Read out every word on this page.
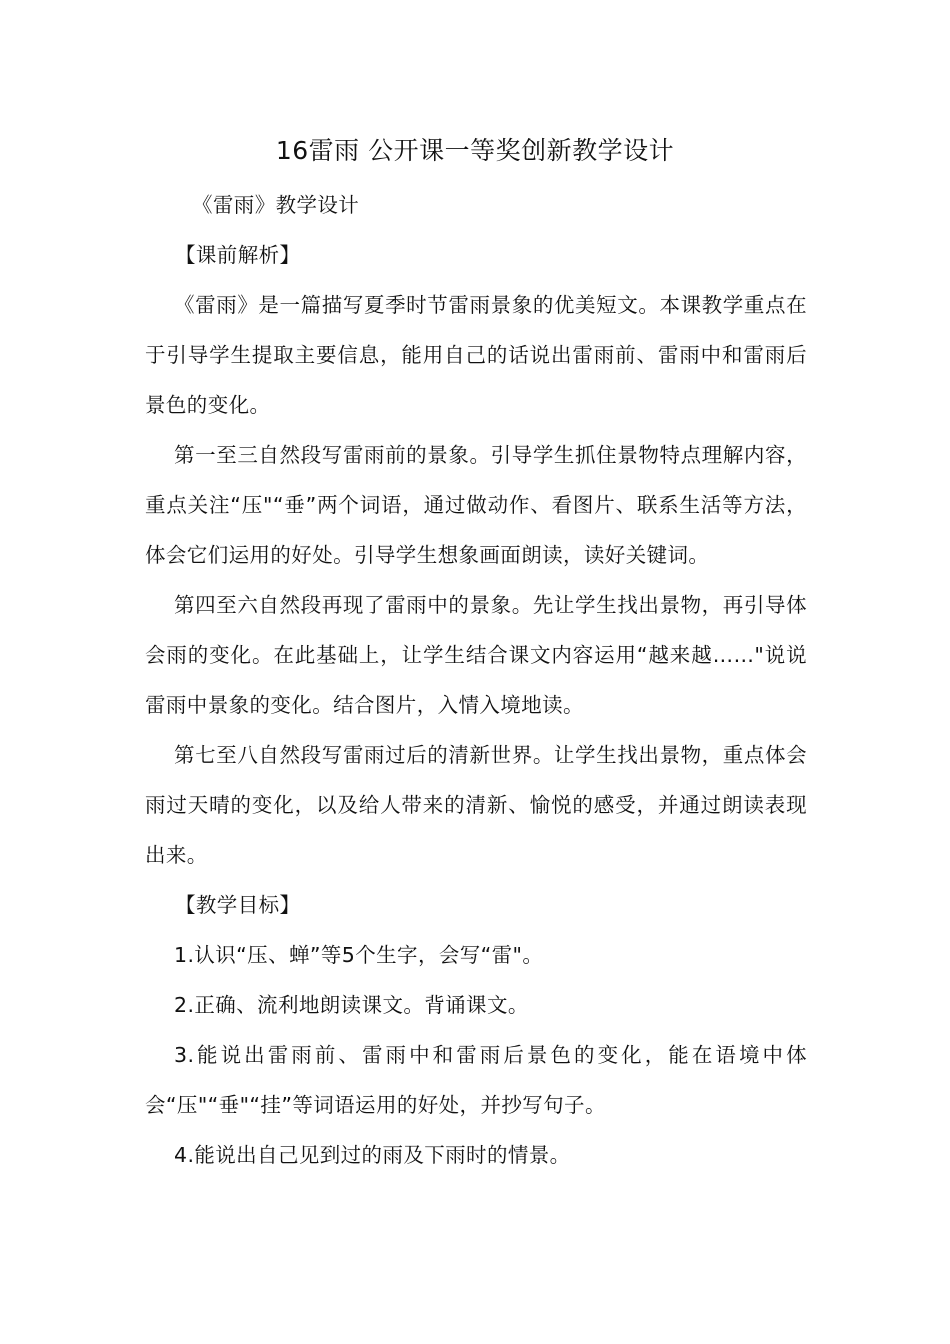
16雷雨 公开课一等奖创新教学设计

《雷雨》教学设计

【课前解析】

《雷雨》是一篇描写夏季时节雷雨景象的优美短文。本课教学重点在于引导学生提取主要信息，能用自己的话说出雷雨前、雷雨中和雷雨后景色的变化。

第一至三自然段写雷雨前的景象。引导学生抓住景物特点理解内容，重点关注“压"“垂”两个词语，通过做动作、看图片、联系生活等方法，体会它们运用的好处。引导学生想象画面朗读，读好关键词。

第四至六自然段再现了雷雨中的景象。先让学生找出景物，再引导体会雨的变化。在此基础上，让学生结合课文内容运用“越来越……"说说雷雨中景象的变化。结合图片，入情入境地读。

第七至八自然段写雷雨过后的清新世界。让学生找出景物，重点体会雨过天晴的变化，以及给人带来的清新、愉悦的感受，并通过朗读表现出来。

【教学目标】

1.认识“压、蝉”等5个生字，会写“雷"。

2.正确、流利地朗读课文。背诵课文。

3.能说出雷雨前、雷雨中和雷雨后景色的变化，能在语境中体会“压"“垂"“挂”等词语运用的好处，并抄写句子。

4.能说出自己见到过的雨及下雨时的情景。
